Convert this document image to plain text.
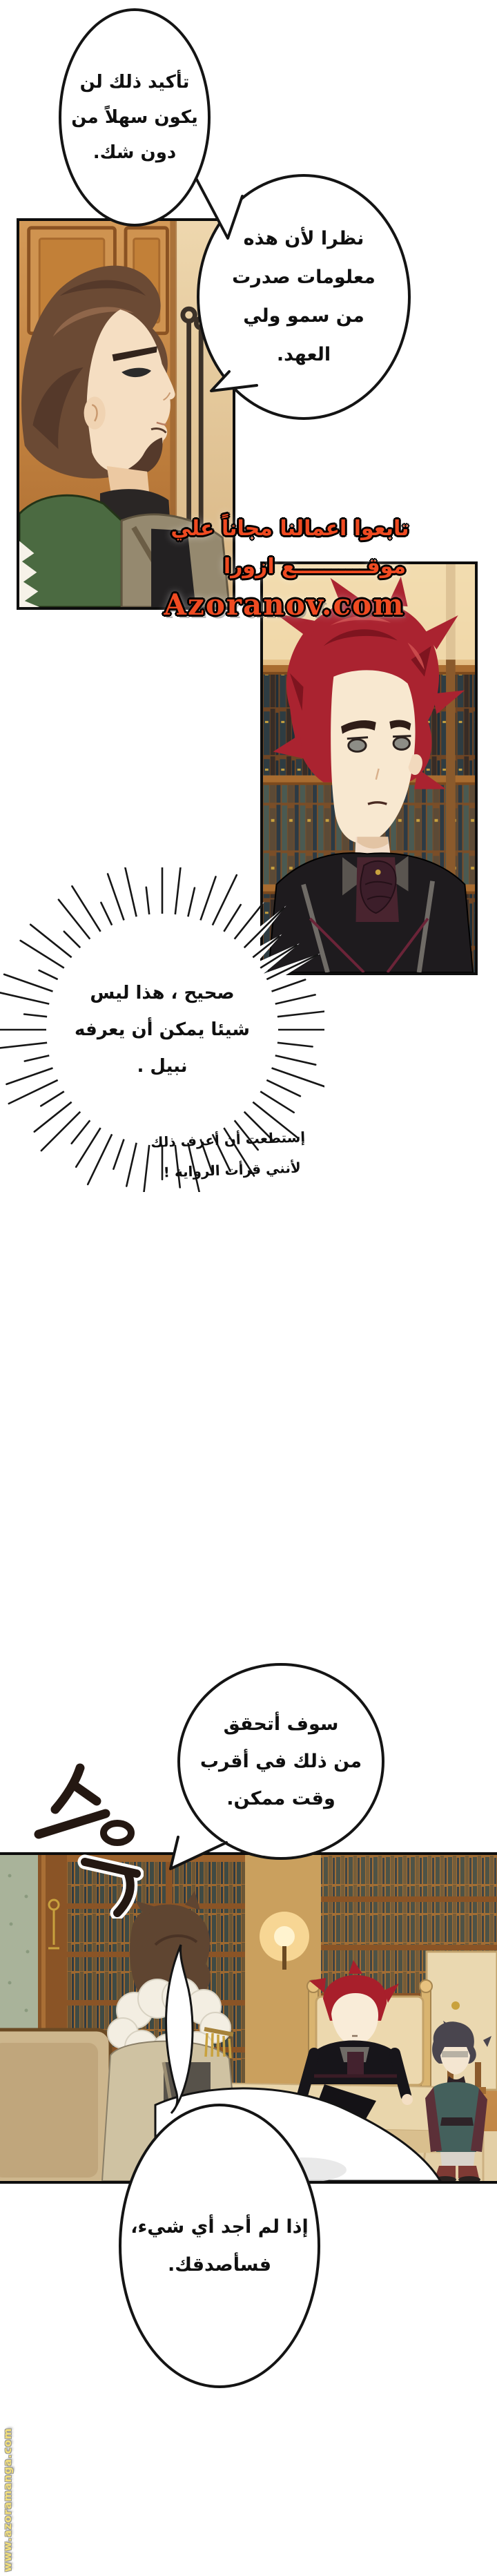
تأكيد ذلك لن
يكون سهلاً من
دون شك.
نظرا لأن هذه
معلومات صدرت
من سمو ولي
العهد.
تابعوا اعمالنا مجاناً علي
موقــــــــــع ازورا
Azoranov.com
صحيح ، هذا ليس
شيئا يمكن أن يعرفه
نبيل .
إستطعت أن أعرف ذلك لأنني قرأت الرواية !
سوف أتحقق
من ذلك في أقرب
وقت ممكن.
إذا لم أجد أي شيء،
فسأصدقك.
www.azoramanga.com
